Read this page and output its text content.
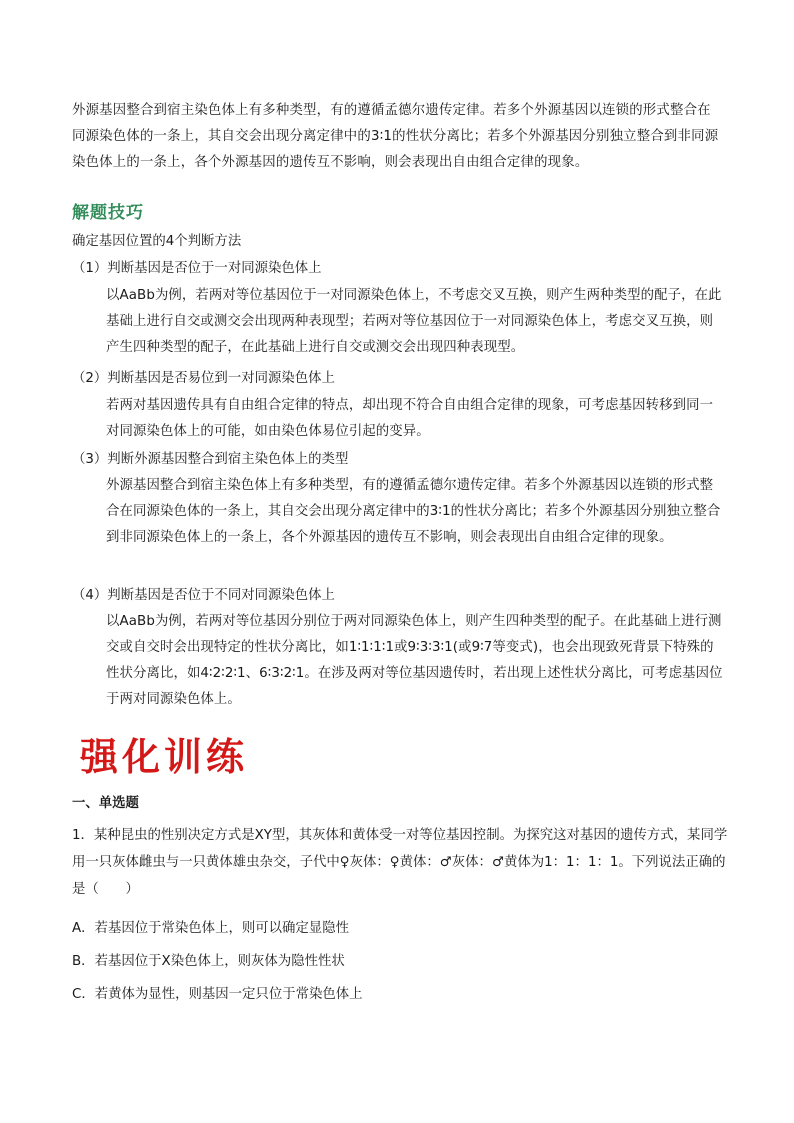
外源基因整合到宿主染色体上有多种类型，有的遵循孟德尔遗传定律。若多个外源基因以连锁的形式整合在同源染色体的一条上，其自交会出现分离定律中的3∶1的性状分离比；若多个外源基因分别独立整合到非同源染色体上的一条上，各个外源基因的遗传互不影响，则会表现出自由组合定律的现象。

解题技巧

确定基因位置的4个判断方法

（1）判断基因是否位于一对同源染色体上

以AaBb为例，若两对等位基因位于一对同源染色体上，不考虑交叉互换，则产生两种类型的配子，在此基础上进行自交或测交会出现两种表现型；若两对等位基因位于一对同源染色体上，考虑交叉互换，则产生四种类型的配子，在此基础上进行自交或测交会出现四种表现型。

（2）判断基因是否易位到一对同源染色体上

若两对基因遗传具有自由组合定律的特点，却出现不符合自由组合定律的现象，可考虑基因转移到同一对同源染色体上的可能，如由染色体易位引起的变异。

（3）判断外源基因整合到宿主染色体上的类型

外源基因整合到宿主染色体上有多种类型，有的遵循孟德尔遗传定律。若多个外源基因以连锁的形式整合在同源染色体的一条上，其自交会出现分离定律中的3∶1的性状分离比；若多个外源基因分别独立整合到非同源染色体上的一条上，各个外源基因的遗传互不影响，则会表现出自由组合定律的现象。

（4）判断基因是否位于不同对同源染色体上

以AaBb为例，若两对等位基因分别位于两对同源染色体上，则产生四种类型的配子。在此基础上进行测交或自交时会出现特定的性状分离比，如1∶1∶1∶1或9∶3∶3∶1(或9∶7等变式)，也会出现致死背景下特殊的性状分离比，如4∶2∶2∶1、6∶3∶2∶1。在涉及两对等位基因遗传时，若出现上述性状分离比，可考虑基因位于两对同源染色体上。

强化训练

一、单选题

1．某种昆虫的性别决定方式是XY型，其灰体和黄体受一对等位基因控制。为探究这对基因的遗传方式，某同学用一只灰体雌虫与一只黄体雄虫杂交，子代中♀灰体：♀黄体：♂灰体：♂黄体为1：1：1：1。下列说法正确的是（　　）

A．若基因位于常染色体上，则可以确定显隐性

B．若基因位于X染色体上，则灰体为隐性性状

C．若黄体为显性，则基因一定只位于常染色体上
